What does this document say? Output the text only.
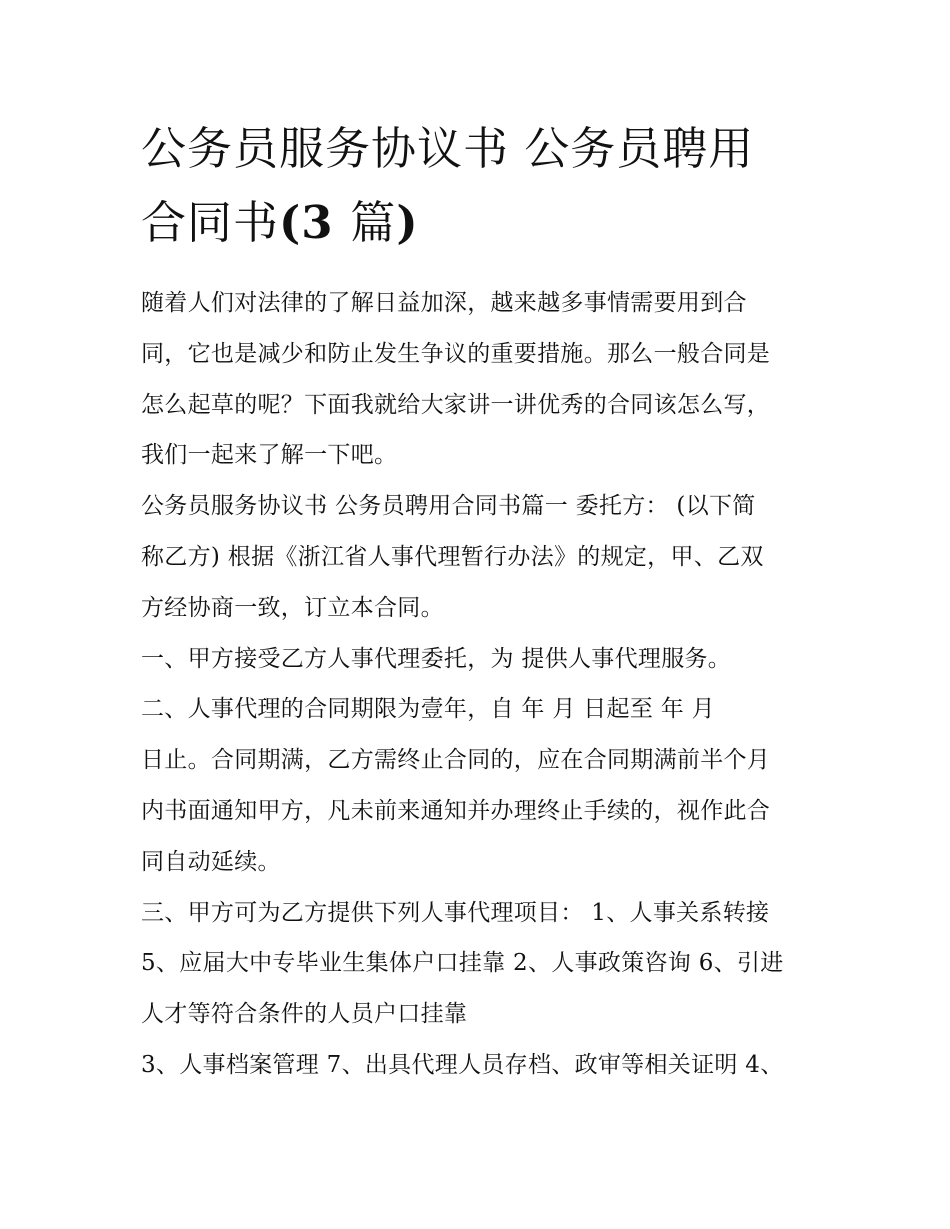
公务员服务协议书 公务员聘用
合同书(3 篇)
随着人们对法律的了解日益加深，越来越多事情需要用到合
同，它也是减少和防止发生争议的重要措施。那么一般合同是
怎么起草的呢？下面我就给大家讲一讲优秀的合同该怎么写，
我们一起来了解一下吧。
公务员服务协议书 公务员聘用合同书篇一 委托方： (以下简
称乙方) 根据《浙江省人事代理暂行办法》的规定，甲、乙双
方经协商一致，订立本合同。
一、甲方接受乙方人事代理委托，为 提供人事代理服务。
二、人事代理的合同期限为壹年，自 年 月 日起至 年 月
日止。合同期满，乙方需终止合同的，应在合同期满前半个月
内书面通知甲方，凡未前来通知并办理终止手续的，视作此合
同自动延续。
三、甲方可为乙方提供下列人事代理项目： 1、人事关系转接
5、应届大中专毕业生集体户口挂靠 2、人事政策咨询 6、引进
人才等符合条件的人员户口挂靠
3、人事档案管理 7、出具代理人员存档、政审等相关证明 4、
